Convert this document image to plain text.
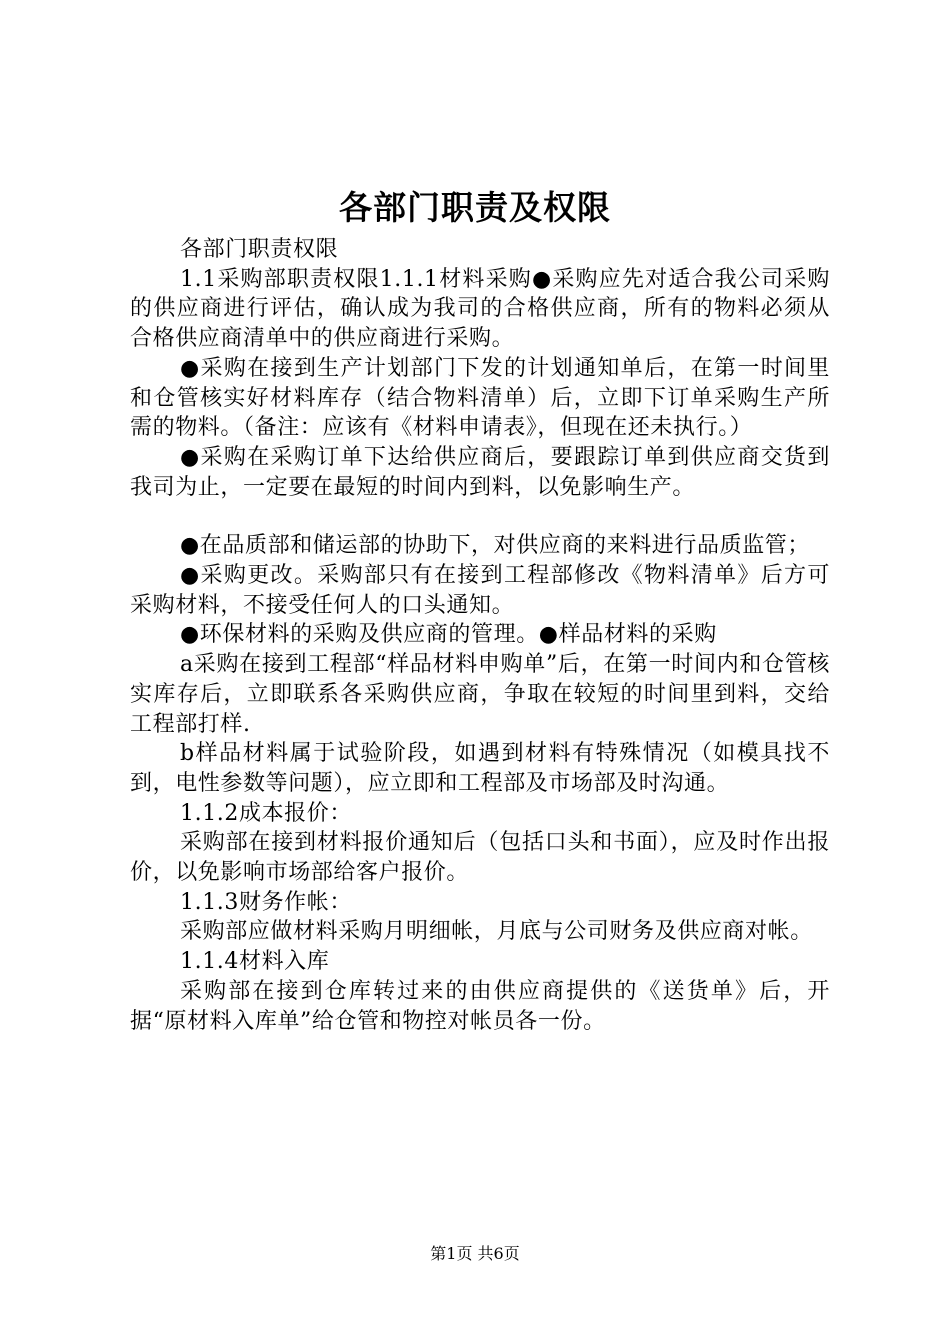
各部门职责及权限

各部门职责权限

1.1采购部职责权限1.1.1材料采购●采购应先对适合我公司采购的供应商进行评估，确认成为我司的合格供应商，所有的物料必须从合格供应商清单中的供应商进行采购。

●采购在接到生产计划部门下发的计划通知单后，在第一时间里和仓管核实好材料库存（结合物料清单）后，立即下订单采购生产所需的物料。（备注：应该有《材料申请表》，但现在还未执行。）

●采购在采购订单下达给供应商后，要跟踪订单到供应商交货到我司为止，一定要在最短的时间内到料，以免影响生产。

●在品质部和储运部的协助下，对供应商的来料进行品质监管；

●采购更改。采购部只有在接到工程部修改《物料清单》后方可采购材料，不接受任何人的口头通知。

●环保材料的采购及供应商的管理。●样品材料的采购

a采购在接到工程部“样品材料申购单”后，在第一时间内和仓管核实库存后，立即联系各采购供应商，争取在较短的时间里到料，交给工程部打样.

b样品材料属于试验阶段，如遇到材料有特殊情况（如模具找不到，电性参数等问题），应立即和工程部及市场部及时沟通。

1.1.2成本报价：

采购部在接到材料报价通知后（包括口头和书面），应及时作出报价，以免影响市场部给客户报价。

1.1.3财务作帐：

采购部应做材料采购月明细帐，月底与公司财务及供应商对帐。

1.1.4材料入库

采购部在接到仓库转过来的由供应商提供的《送货单》后，开据“原材料入库单”给仓管和物控对帐员各一份。

第1页 共6页
